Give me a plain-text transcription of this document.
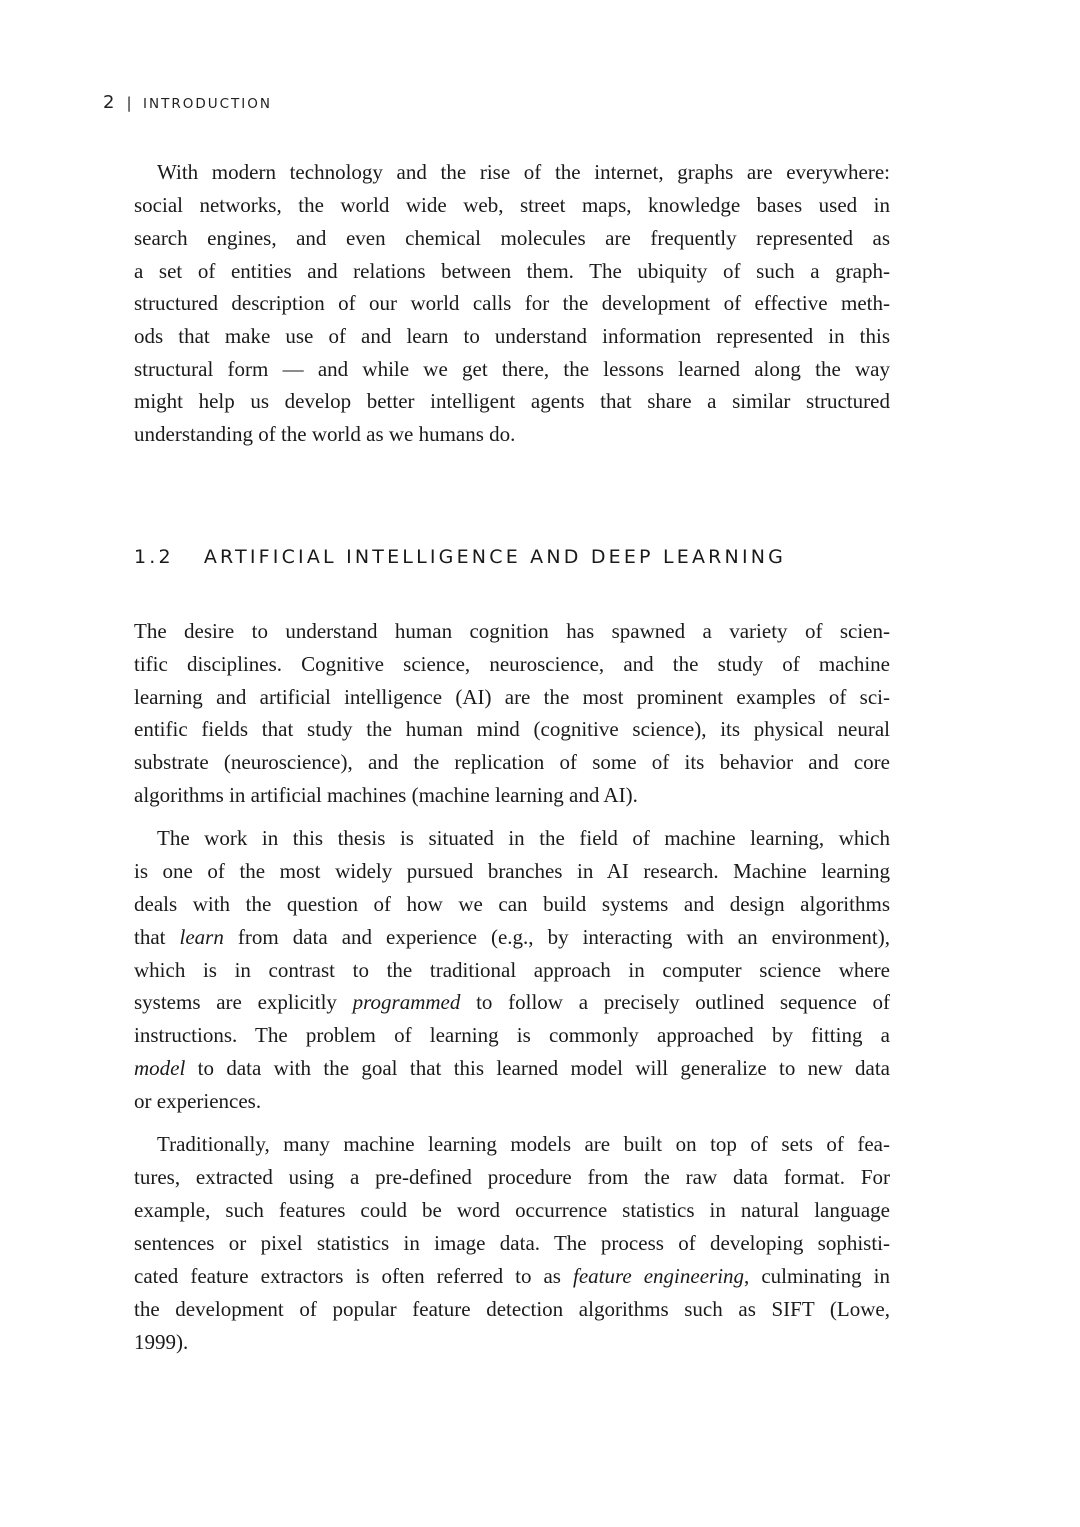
2 | INTRODUCTION
With modern technology and the rise of the internet, graphs are everywhere:
social networks, the world wide web, street maps, knowledge bases used in
search engines, and even chemical molecules are frequently represented as
a set of entities and relations between them. The ubiquity of such a graph-
structured description of our world calls for the development of effective meth-
ods that make use of and learn to understand information represented in this
structural form — and while we get there, the lessons learned along the way
might help us develop better intelligent agents that share a similar structured
understanding of the world as we humans do.
1.2 ARTIFICIAL INTELLIGENCE AND DEEP LEARNING
The desire to understand human cognition has spawned a variety of scien-
tific disciplines. Cognitive science, neuroscience, and the study of machine
learning and artificial intelligence (AI) are the most prominent examples of sci-
entific fields that study the human mind (cognitive science), its physical neural
substrate (neuroscience), and the replication of some of its behavior and core
algorithms in artificial machines (machine learning and AI).
The work in this thesis is situated in the field of machine learning, which
is one of the most widely pursued branches in AI research. Machine learning
deals with the question of how we can build systems and design algorithms
that learn from data and experience (e.g., by interacting with an environment),
which is in contrast to the traditional approach in computer science where
systems are explicitly programmed to follow a precisely outlined sequence of
instructions. The problem of learning is commonly approached by fitting a
model to data with the goal that this learned model will generalize to new data
or experiences.
Traditionally, many machine learning models are built on top of sets of fea-
tures, extracted using a pre-defined procedure from the raw data format. For
example, such features could be word occurrence statistics in natural language
sentences or pixel statistics in image data. The process of developing sophisti-
cated feature extractors is often referred to as feature engineering, culminating in
the development of popular feature detection algorithms such as SIFT (Lowe,
1999).
